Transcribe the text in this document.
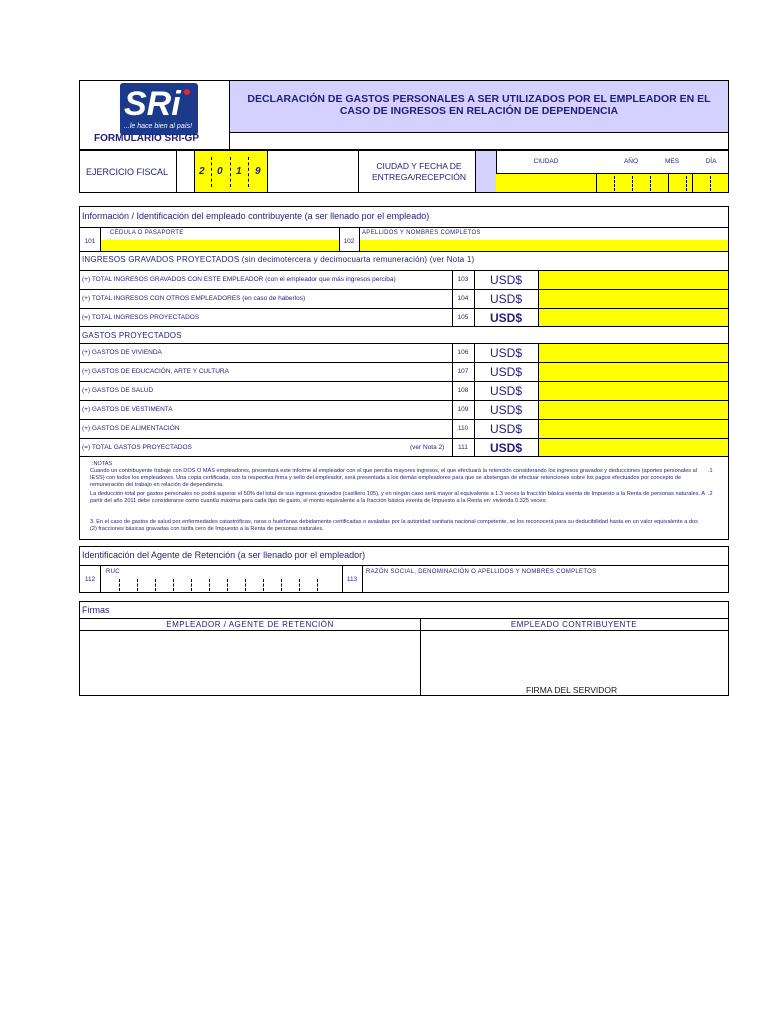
SRi
...le hace bien al país!
FORMULARIO SRI-GP
DECLARACIÓN DE GASTOS PERSONALES A SER UTILIZADOS POR EL EMPLEADOR EN EL CASO DE INGRESOS EN RELACIÓN DE DEPENDENCIA
EJERCICIO FISCAL	2 0 1 9	CIUDAD Y FECHA DE ENTREGA/RECEPCIÓN
CIUDAD	AÑO	MES	DÍA
Información / Identificación del empleado contribuyente (a ser llenado por el empleado)
101
CÉDULA O PASAPORTE
102
APELLIDOS Y NOMBRES COMPLETOS
INGRESOS GRAVADOS PROYECTADOS (sin decimotercera y decimocuarta remuneración) (ver Nota 1)
(+) TOTAL INGRESOS GRAVADOS CON ESTE EMPLEADOR (con el empleador que más ingresos perciba)	103	USD$
(+) TOTAL INGRESOS CON OTROS EMPLEADORES (en caso de haberlos)	104	USD$
(=) TOTAL INGRESOS PROYECTADOS	105	USD$
GASTOS PROYECTADOS
(+) GASTOS DE VIVIENDA	106	USD$
(+) GASTOS DE EDUCACIÓN, ARTE Y CULTURA	107	USD$
(+) GASTOS DE SALUD	108	USD$
(+) GASTOS DE VESTIMENTA	109	USD$
(+) GASTOS DE ALIMENTACIÓN	110	USD$
(=) TOTAL GASTOS PROYECTADOS	(ver Nota 2)	111	USD$
:NOTAS
Cuando un contribuyente trabaje con DOS O MÁS empleadores, presentará este informe al empleador con el que perciba mayores ingresos, el que efectuará la retención considerando los ingresos gravados y deducciones (aportes personales al IESS) con todos los empleadores. Una copia certificada, con la respectiva firma y sello del empleador, será presentada a los demás empleadores para que se abstengan de efectuar retenciones sobre los pagos efectuados por concepto de remuneración del trabajo en relación de dependencia.
.1
La deducción total por gastos personales no podrá superar el 50% del total de sus ingresos gravados (casillero 105), y en ningún caso será mayor al equivalente a 1.3 veces la fracción básica exenta de Impuesto a la Renta de personas naturales. A partir del año 2011 debe considerarse como cuantía máxima para cada tipo de gasto, el monto equivalente a la fracción básica exenta de Impuesto a la Renta en: vivienda 0.325 veces;
.2
3. En el caso de gastos de salud por enfermedades catastróficas, raras o huérfanas debidamente certificadas o avaladas por la autoridad sanitaria nacional competente, se los reconocerá para su deducibilidad hasta en un valor equivalente a dos (2) fracciones básicas gravadas con tarifa cero de Impuesto a la Renta de personas naturales.
Identificación del Agente de Retención (a ser llenado por el empleador)
112
RUC
113
RAZÓN SOCIAL, DENOMINACIÓN O APELLIDOS Y NOMBRES COMPLETOS
Firmas
EMPLEADOR / AGENTE DE RETENCIÓN	EMPLEADO CONTRIBUYENTE
FIRMA DEL SERVIDOR
